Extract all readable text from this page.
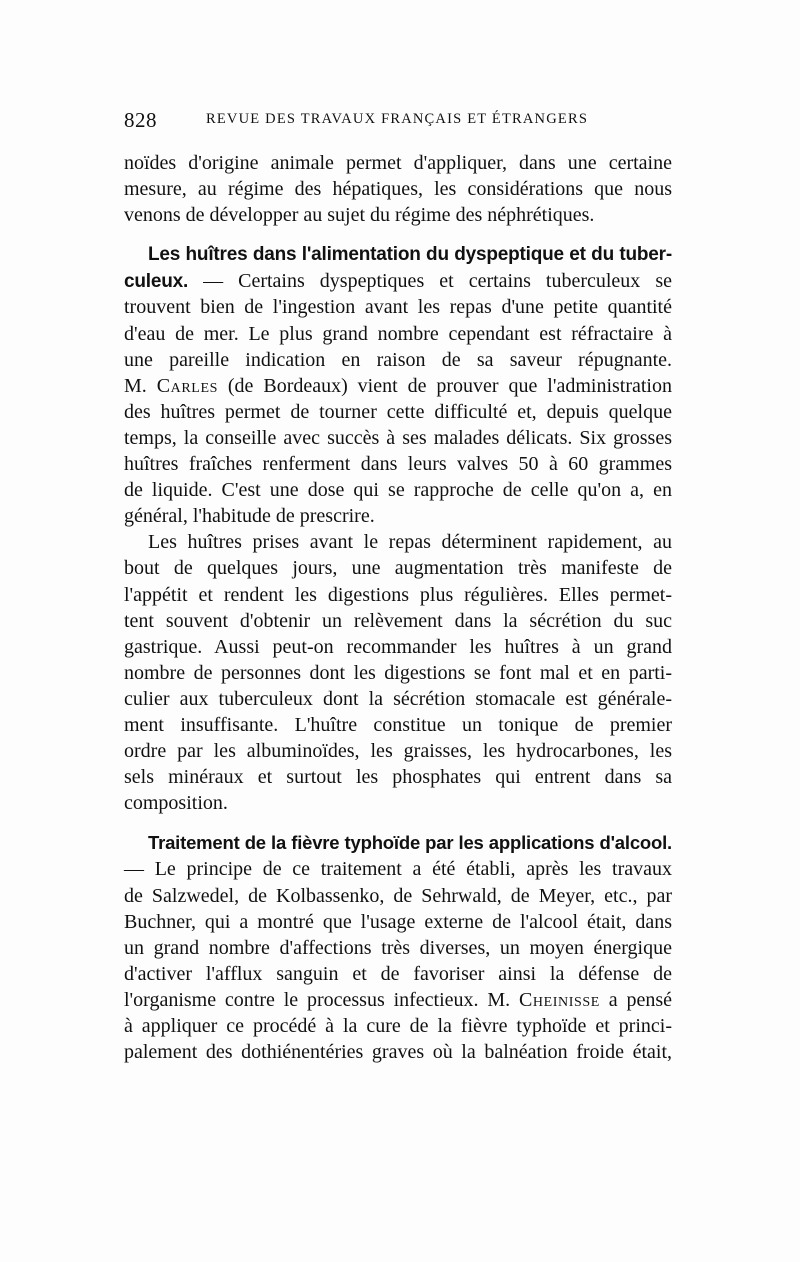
828	REVUE DES TRAVAUX FRANÇAIS ET ÉTRANGERS
noïdes d'origine animale permet d'appliquer, dans une certaine
mesure, au régime des hépatiques, les considérations que nous
venons de développer au sujet du régime des néphrétiques.
Les huîtres dans l'alimentation du dyspeptique et du tuber-
culeux. — Certains dyspeptiques et certains tuberculeux se
trouvent bien de l'ingestion avant les repas d'une petite quantité
d'eau de mer. Le plus grand nombre cependant est réfractaire à
une pareille indication en raison de sa saveur répugnante.
M. Carles (de Bordeaux) vient de prouver que l'administration
des huîtres permet de tourner cette difficulté et, depuis quelque
temps, la conseille avec succès à ses malades délicats. Six grosses
huîtres fraîches renferment dans leurs valves 50 à 60 grammes
de liquide. C'est une dose qui se rapproche de celle qu'on a, en
général, l'habitude de prescrire.
Les huîtres prises avant le repas déterminent rapidement, au
bout de quelques jours, une augmentation très manifeste de
l'appétit et rendent les digestions plus régulières. Elles permet-
tent souvent d'obtenir un relèvement dans la sécrétion du suc
gastrique. Aussi peut-on recommander les huîtres à un grand
nombre de personnes dont les digestions se font mal et en parti-
culier aux tuberculeux dont la sécrétion stomacale est générale-
ment insuffisante. L'huître constitue un tonique de premier
ordre par les albuminoïdes, les graisses, les hydrocarbones, les
sels minéraux et surtout les phosphates qui entrent dans sa
composition.
Traitement de la fièvre typhoïde par les applications d'alcool.
— Le principe de ce traitement a été établi, après les travaux
de Salzwedel, de Kolbassenko, de Sehrwald, de Meyer, etc., par
Buchner, qui a montré que l'usage externe de l'alcool était, dans
un grand nombre d'affections très diverses, un moyen énergique
d'activer l'afflux sanguin et de favoriser ainsi la défense de
l'organisme contre le processus infectieux. M. Cheinisse a pensé
à appliquer ce procédé à la cure de la fièvre typhoïde et princi-
palement des dothiénentéries graves où la balnéation froide était,
